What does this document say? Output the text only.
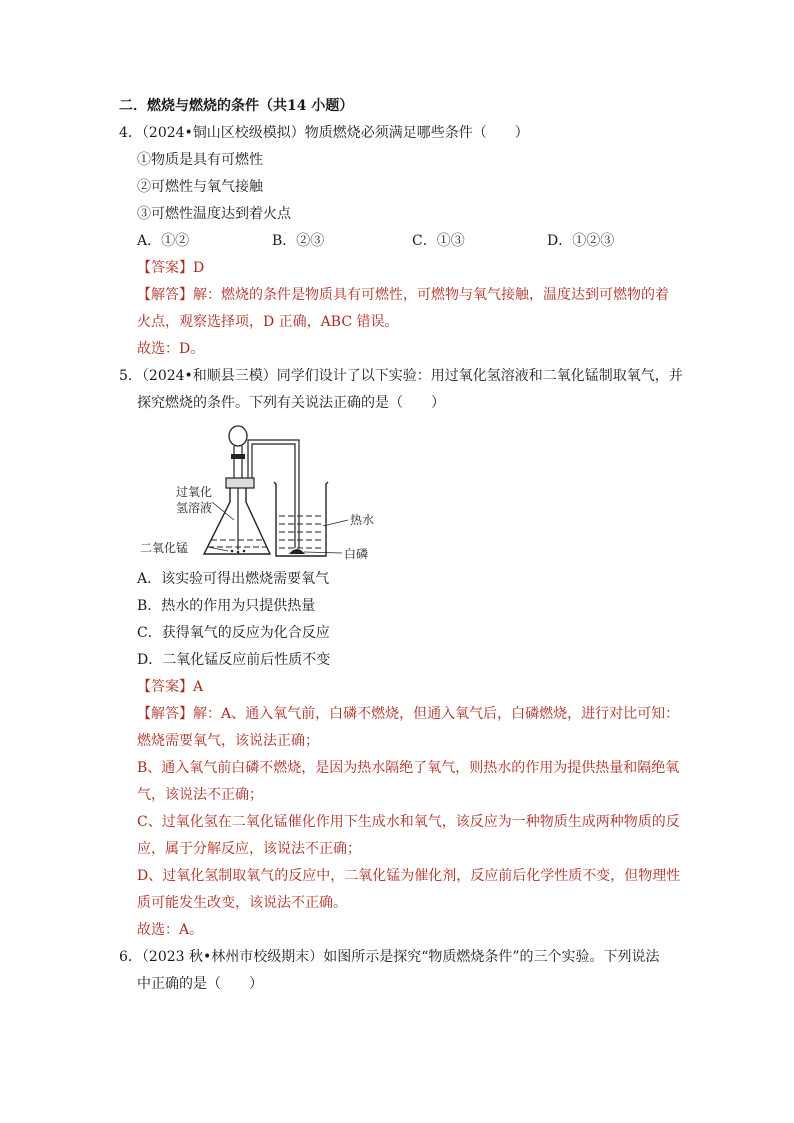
二．燃烧与燃烧的条件（共14 小题）
4．（2024•铜山区校级模拟）物质燃烧必须满足哪些条件（　　）
①物质是具有可燃性
②可燃性与氧气接触
③可燃性温度达到着火点
A．①②	B．②③	C．①③	D．①②③
【答案】D
【解答】解：燃烧的条件是物质具有可燃性，可燃物与氧气接触，温度达到可燃物的着
火点，观察选择项，D 正确，ABC 错误。
故选：D。
5．（2024•和顺县三模）同学们设计了以下实验：用过氧化氢溶液和二氧化锰制取氧气，并
探究燃烧的条件。下列有关说法正确的是（　　）
过氧化
氢溶液
二氧化锰
热水
白磷
A．该实验可得出燃烧需要氧气
B．热水的作用为只提供热量
C．获得氧气的反应为化合反应
D．二氧化锰反应前后性质不变
【答案】A
【解答】解：A、通入氧气前，白磷不燃烧，但通入氧气后，白磷燃烧，进行对比可知：
燃烧需要氧气，该说法正确；
B、通入氧气前白磷不燃烧，是因为热水隔绝了氧气，则热水的作用为提供热量和隔绝氧
气，该说法不正确；
C、过氧化氢在二氧化锰催化作用下生成水和氧气，该反应为一种物质生成两种物质的反
应，属于分解反应，该说法不正确；
D、过氧化氢制取氧气的反应中，二氧化锰为催化剂，反应前后化学性质不变，但物理性
质可能发生改变，该说法不正确。
故选：A。
6．（2023 秋•林州市校级期末）如图所示是探究“物质燃烧条件”的三个实验。下列说法
中正确的是（　　）
